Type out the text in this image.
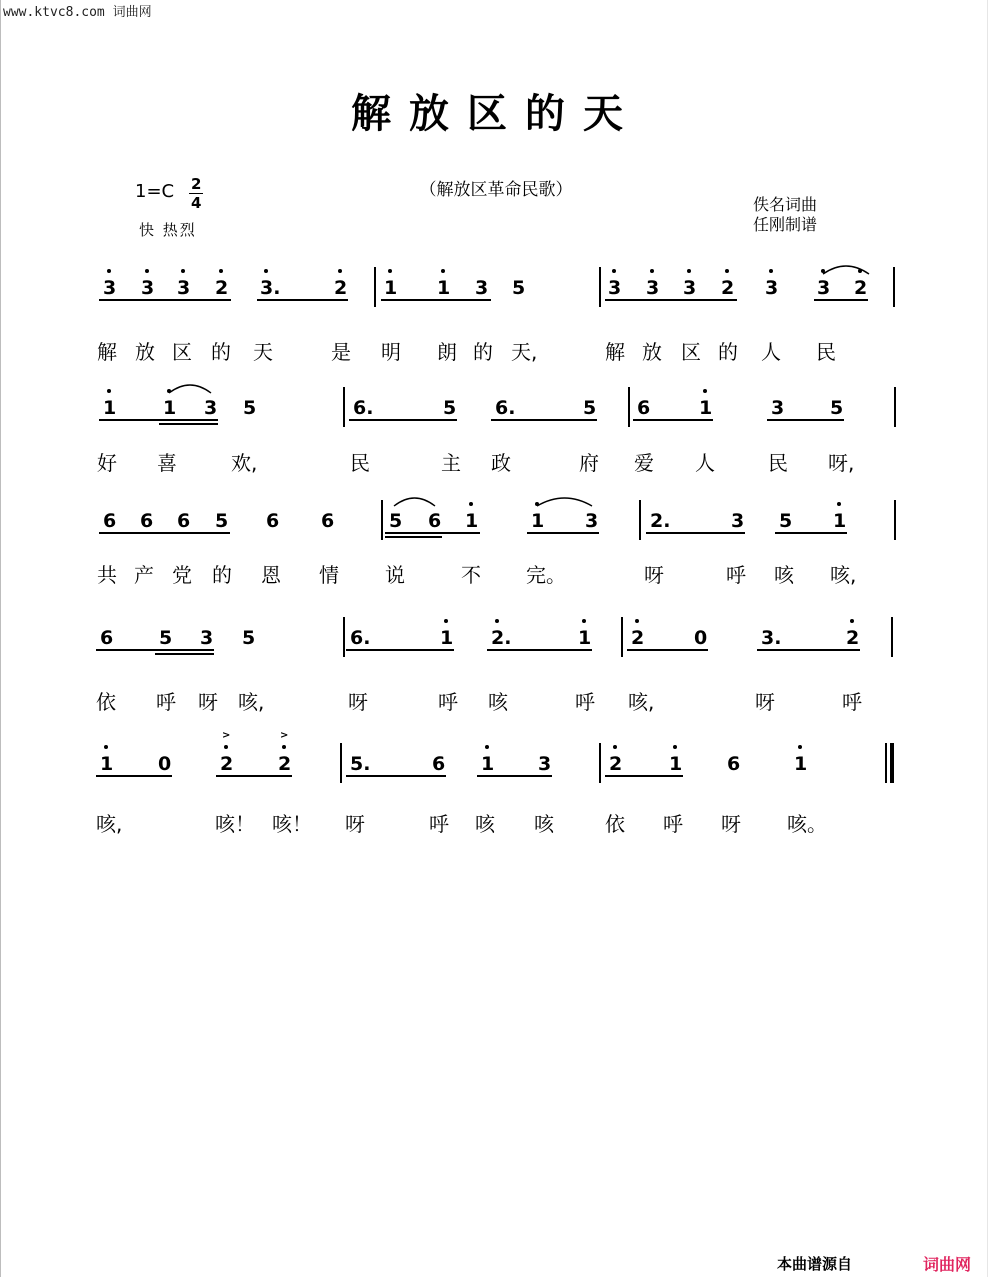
www.ktvc8.com 词曲网
解放区的天
（解放区革命民歌）
1=C 2
4
快 热烈
佚名词曲
任刚制谱
3 3 3 2 3.	2 1 1 3 5	3 3 3 2 3 3 2
解 放 区 的 天	是 明 朗 的 天,	解 放 区 的 人 民
1 1 3 5	6.	5 6.	5 6	1	3 5
好 喜	欢,	民	主 政	府 爱 人	民 呀,
6 6 6 5 6 6	5 6 1	1 3	2.	3 5 1
共 产 党 的 恩 情 说	不 完。	呀	呼 咳 咳,
6 5 3 5	6.	1 2.	1 2	0	3.	2
依 呼 呀 咳,	呀	呼 咳	呼 咳,	呀	呼
1 0	2
>
2
>
5.	6 1 3	2 1 6	1
咳,	咳！ 咳！ 呀	呼 咳 咳	依 呼 呀 咳。
本曲谱源自	词曲网
